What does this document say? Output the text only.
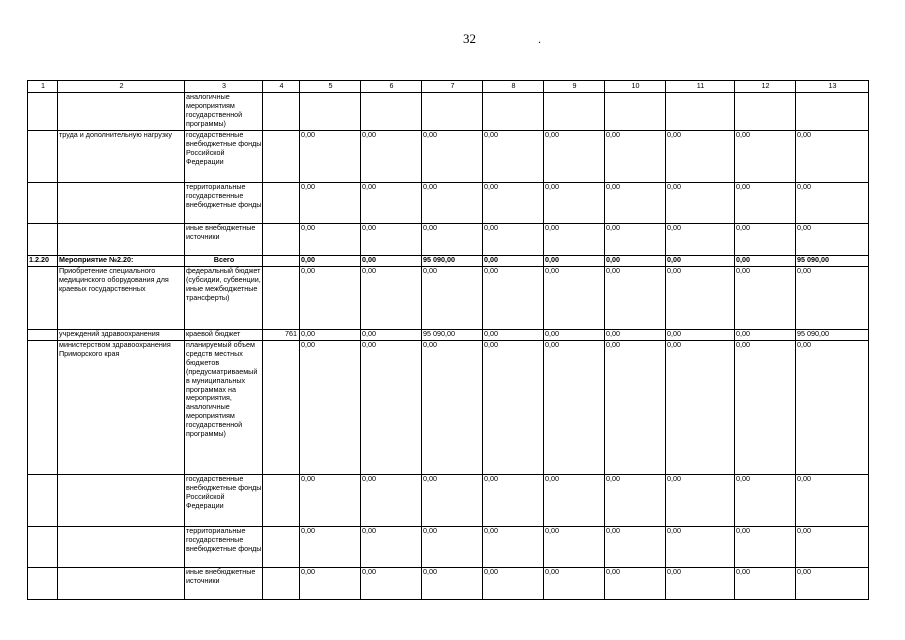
32	.
1	2	3	4	5	6	7	8	9	10	11	12	13
		аналогичные мероприятиям государственной программы)										
	труда и дополнительную нагрузку	государственные внебюджетные фонды Российской Федерации		0,00	0,00	0,00	0,00	0,00	0,00	0,00	0,00	0,00
		территориальные государственные внебюджетные фонды		0,00	0,00	0,00	0,00	0,00	0,00	0,00	0,00	0,00
		иные внебюджетные источники		0,00	0,00	0,00	0,00	0,00	0,00	0,00	0,00	0,00
1.2.20	Мероприятие №2.20:	Всего		0,00	0,00	95 090,00	0,00	0,00	0,00	0,00	0,00	95 090,00
	Приобретение специального медицинского оборудования для краевых государственных	федеральный бюджет (субсидии, субвенции, иные межбюджетные трансферты)		0,00	0,00	0,00	0,00	0,00	0,00	0,00	0,00	0,00
	учреждений здравоохранения	краевой бюджет	761	0,00	0,00	95 090,00	0,00	0,00	0,00	0,00	0,00	95 090,00
	министерством здравоохранения Приморского края	планируемый объем средств местных бюджетов (предусматриваемый в муниципальных программах на мероприятия, аналогичные мероприятиям государственной программы)		0,00	0,00	0,00	0,00	0,00	0,00	0,00	0,00	0,00
		государственные внебюджетные фонды Российской Федерации		0,00	0,00	0,00	0,00	0,00	0,00	0,00	0,00	0,00
		территориальные государственные внебюджетные фонды		0,00	0,00	0,00	0,00	0,00	0,00	0,00	0,00	0,00
		иные внебюджетные источники		0,00	0,00	0,00	0,00	0,00	0,00	0,00	0,00	0,00
